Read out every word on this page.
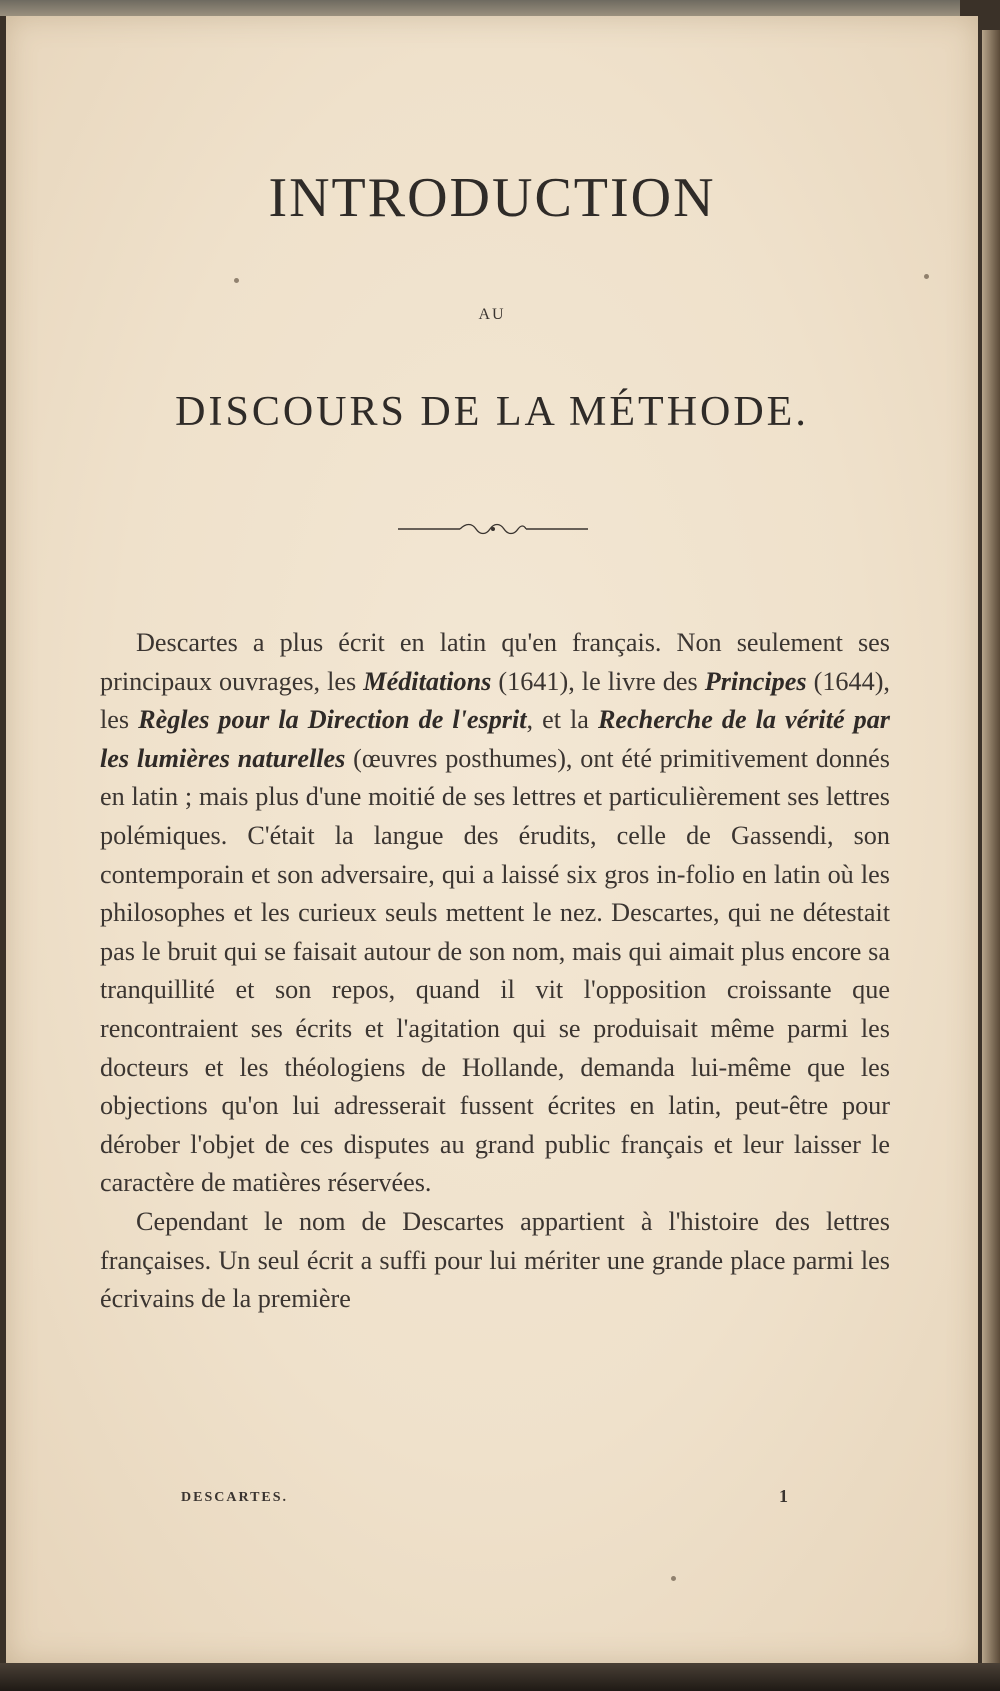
INTRODUCTION
AU
DISCOURS DE LA MÉTHODE.

Descartes a plus écrit en latin qu'en français. Non seulement ses principaux ouvrages, les Méditations (1641), le livre des Principes (1644), les Règles pour la Direction de l'esprit, et la Recherche de la vérité par les lumières naturelles (œuvres posthumes), ont été primitivement donnés en latin ; mais plus d'une moitié de ses lettres et particulièrement ses lettres polémiques. C'était la langue des érudits, celle de Gassendi, son contemporain et son adversaire, qui a laissé six gros in-folio en latin où les philosophes et les curieux seuls mettent le nez. Descartes, qui ne détestait pas le bruit qui se faisait autour de son nom, mais qui aimait plus encore sa tranquillité et son repos, quand il vit l'opposition croissante que rencontraient ses écrits et l'agitation qui se produisait même parmi les docteurs et les théologiens de Hollande, demanda lui-même que les objections qu'on lui adresserait fussent écrites en latin, peut-être pour dérober l'objet de ces disputes au grand public français et leur laisser le caractère de matières réservées.

Cependant le nom de Descartes appartient à l'histoire des lettres françaises. Un seul écrit a suffi pour lui mériter une grande place parmi les écrivains de la première

DESCARTES.	1
